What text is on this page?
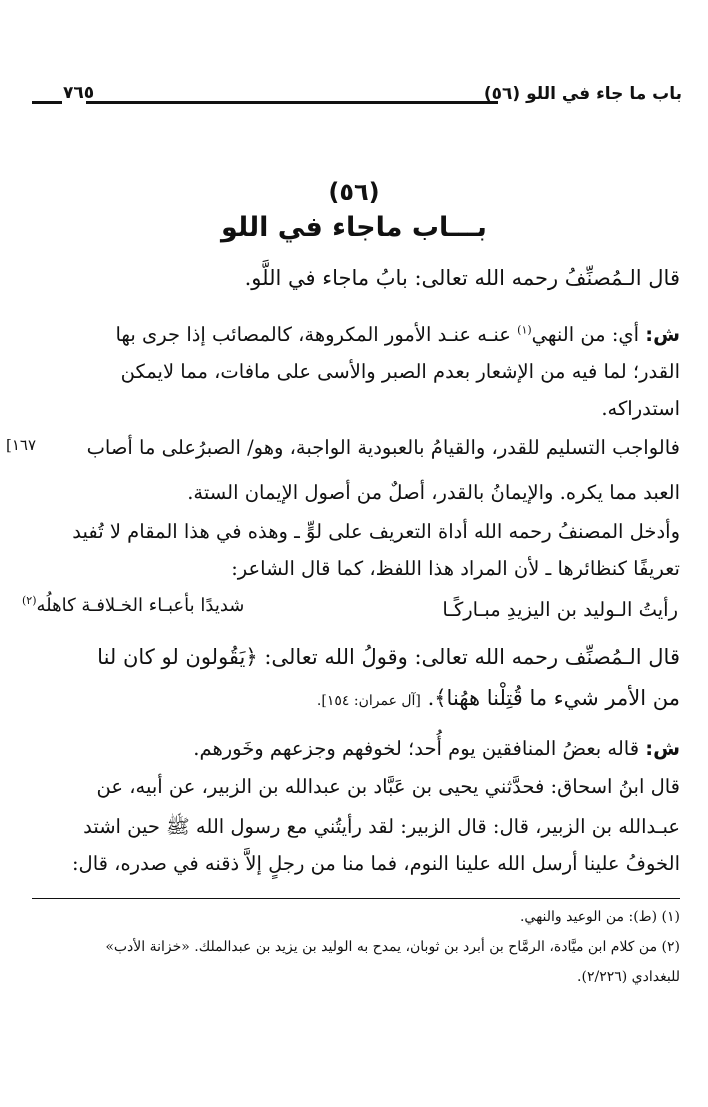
باب ما جاء في اللو (٥٦)
٧٦٥
(٥٦)
بـــاب ماجاء في اللو
قال الـمُصنِّفُ رحمه الله تعالى: بابُ ماجاء في اللَّو.
ش: أي: من النهي$^{(١)}$ عنـه عنـد الأمور المكروهة، كالمصائب إذا جرى بها
القدر؛ لما فيه من الإشعار بعدم الصبر والأسى على مافات، مما لايمكن
استدراكه.
فالواجب التسليم للقدر، والقيامُ بالعبودية الواجبة، وهو/ الصبرُعلى ما أصاب
[١٦٧
العبد مما يكره. والإيمانُ بالقدر، أصلٌ من أصول الإيمان الستة.
وأدخل المصنفُ رحمه الله أداة التعريف على لوٍّ ـ وهذه في هذا المقام لا تُفيد
تعريفًا كنظائرها ـ لأن المراد هذا اللفظ، كما قال الشاعر:
رأيتُ الـوليد بن اليزيدِ مبـاركًـا
شديدًا بأعبـاء الخـلافـة كاهلُه$^{(٢)}$
قال الـمُصنِّف رحمه الله تعالى: وقولُ الله تعالى: ﴿يَقُولون لو كان لنا
من الأمر شيء ما قُتِلْنا ههُنا﴾. [آل عمران: ١٥٤].
ش: قاله بعضُ المنافقين يوم أُحد؛ لخوفهم وجزعهم وخَورهم.
قال ابنُ اسحاق: فحدَّثني يحيى بن عَبَّاد بن عبدالله بن الزبير، عن أبيه، عن
عبـدالله بن الزبير، قال: قال الزبير: لقد رأيتُني مع رسول الله ﷺ حين اشتد
الخوفُ علينا أرسل الله علينا النوم، فما منا من رجلٍ إلاَّ ذقنه في صدره، قال:
(١) (ط): من الوعيد والنهي.
(٢) من كلام ابن ميَّادة، الرمَّاح بن أبرد بن ثوبان، يمدح به الوليد بن يزيد بن عبدالملك. «خزانة الأدب»
للبغدادي (٢/٢٢٦).
